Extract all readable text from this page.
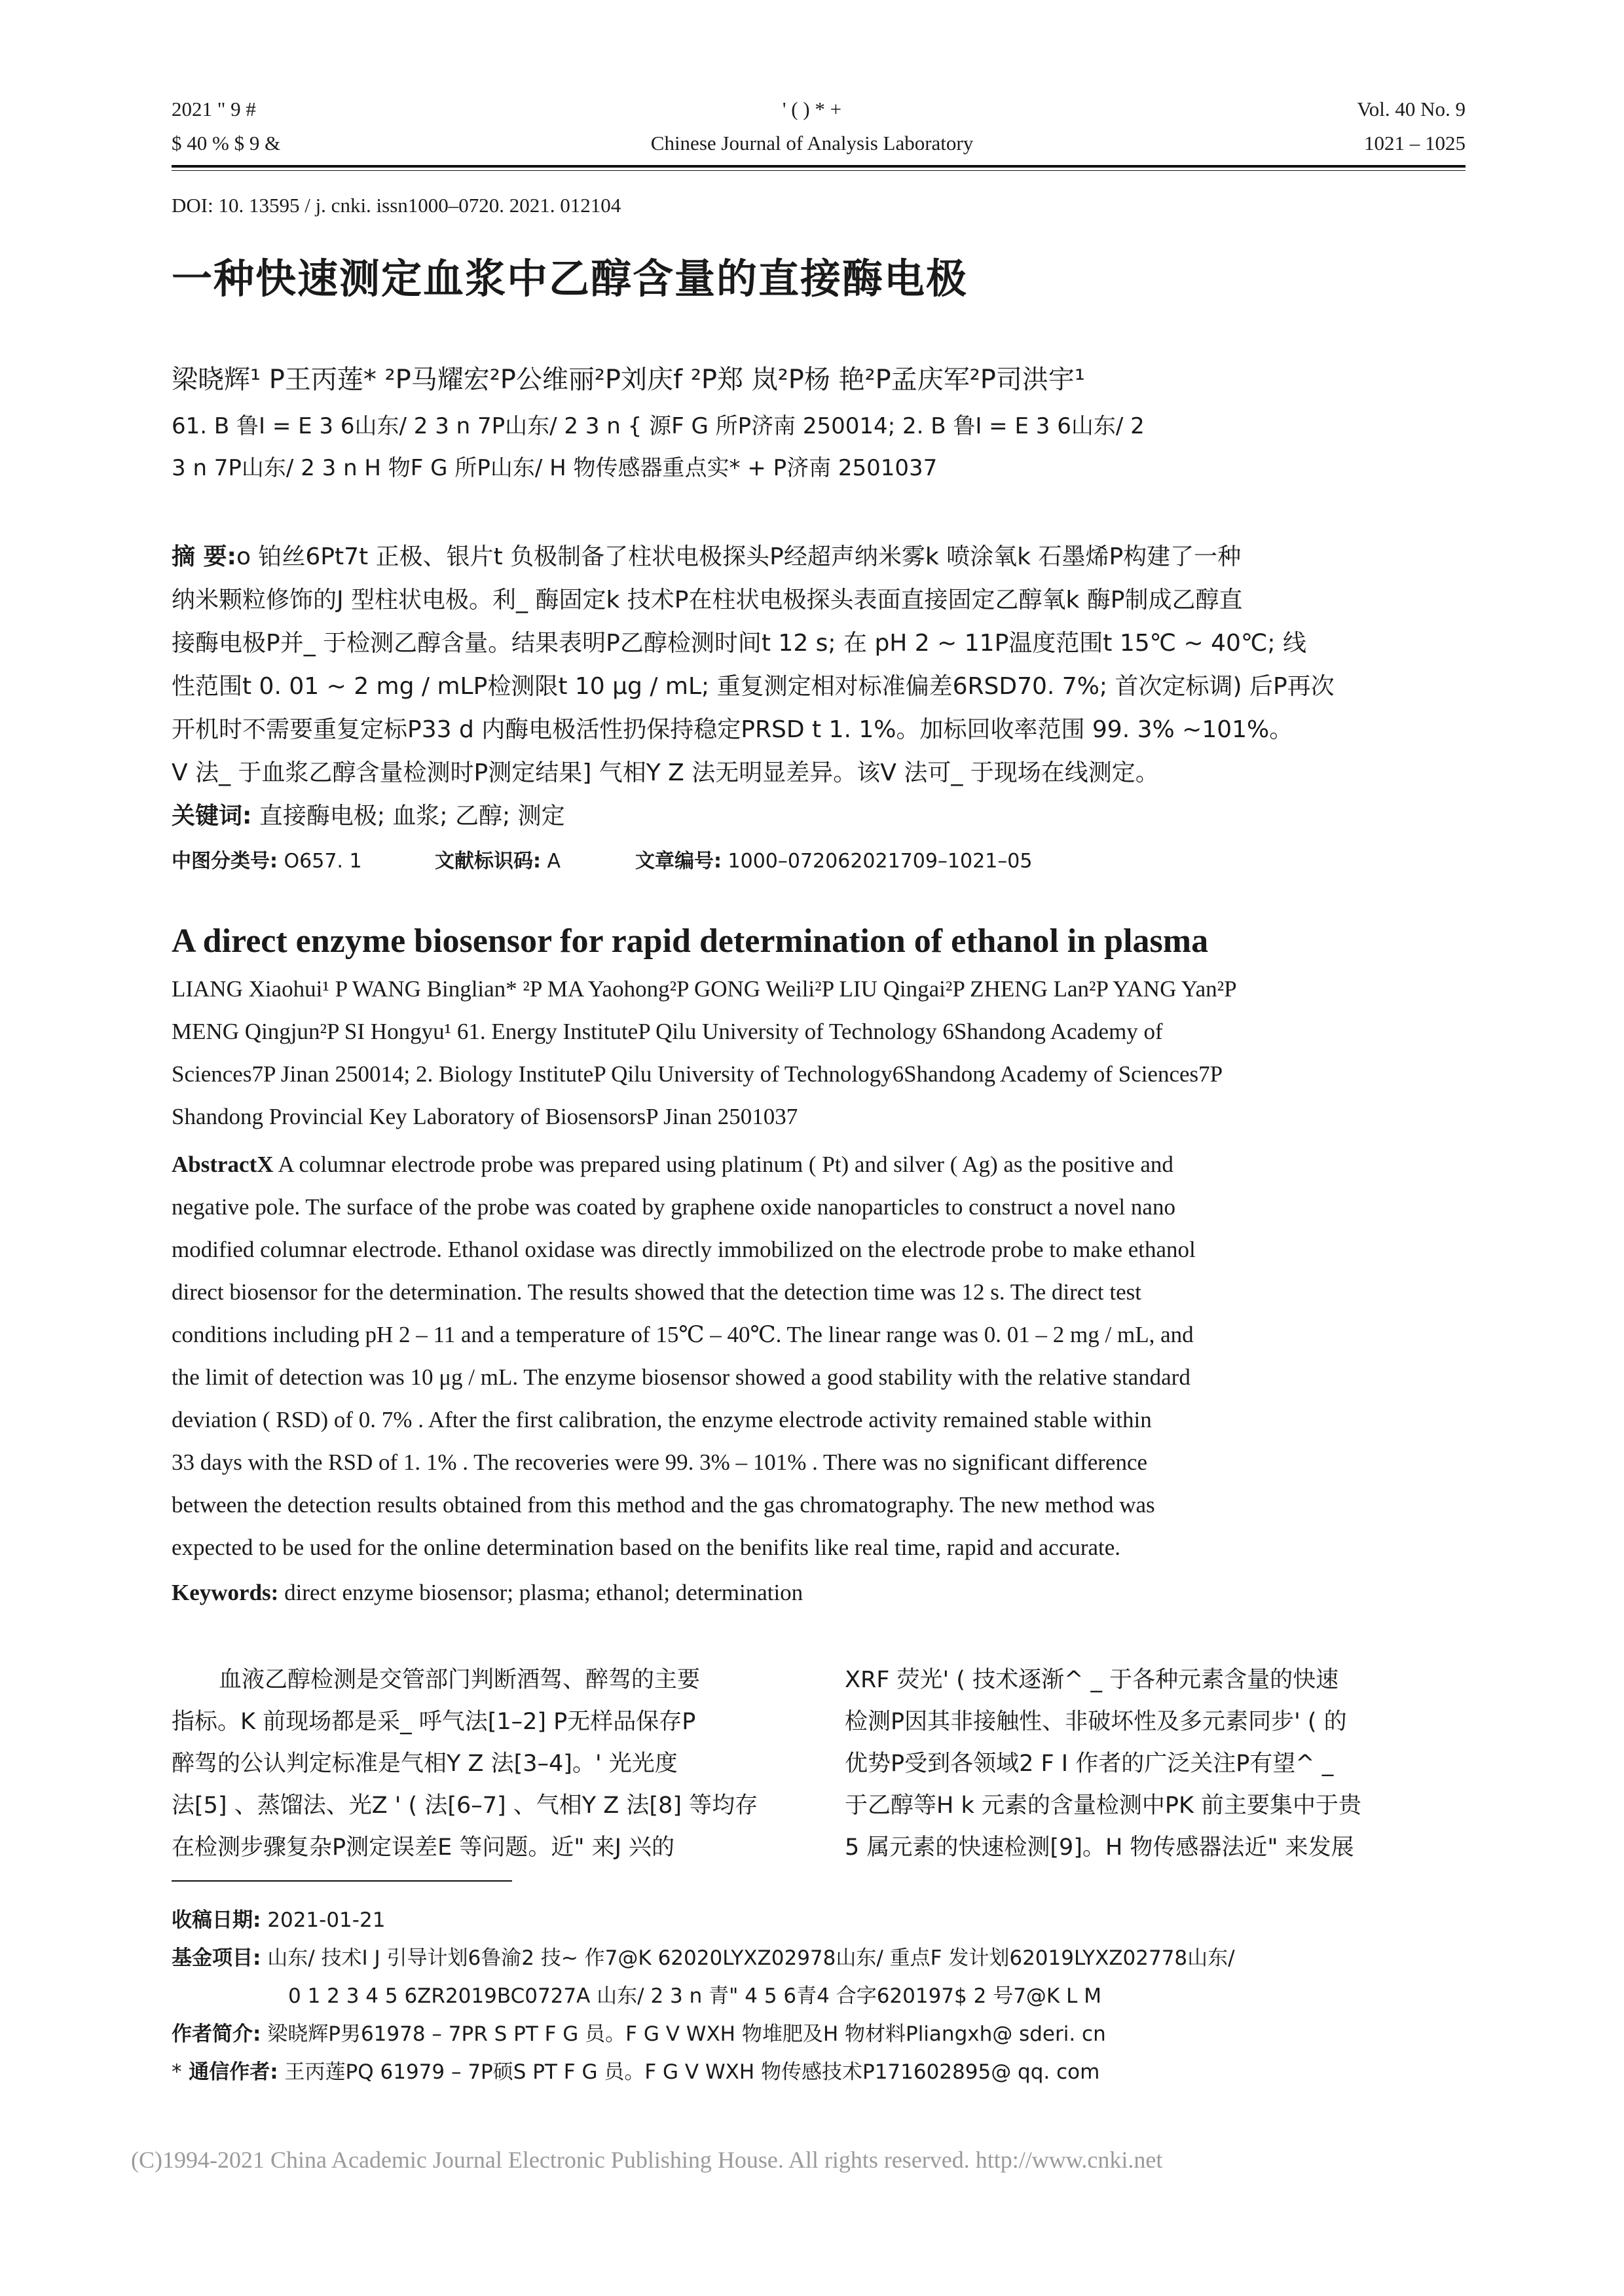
2021 " 9 #
$ 40 % $ 9 &
' ( ) * +
Chinese Journal of Analysis Laboratory
Vol. 40 No. 9
1021 – 1025
DOI: 10. 13595 / j. cnki. issn1000–0720. 2021. 012104
一种快速测定血浆中乙醇含量的直接酶电极
梁晓辉¹ P王丙莲* ²P马耀宏²P公维丽²P刘庆f ²P郑 岚²P杨 艳²P孟庆军²P司洪宇¹
61. B 鲁I = E 3 6山东/ 2 3 n 7P山东/ 2 3 n { 源F G 所P济南 250014; 2. B 鲁I = E 3 6山东/ 2
3 n 7P山东/ 2 3 n H 物F G 所P山东/ H 物传感器重点实* + P济南 2501037
摘 要:o 铂丝6Pt7t 正极、银片t 负极制备了柱状电极探头P经超声纳米雾k 喷涂氧k 石墨烯P构建了一种
纳米颗粒修饰的J 型柱状电极。利_ 酶固定k 技术P在柱状电极探头表面直接固定乙醇氧k 酶P制成乙醇直
接酶电极P并_ 于检测乙醇含量。结果表明P乙醇检测时间t 12 s; 在 pH 2 ~ 11P温度范围t 15℃ ~ 40℃; 线
性范围t 0. 01 ~ 2 mg / mLP检测限t 10 μg / mL; 重复测定相对标准偏差6RSD70. 7%; 首次定标调) 后P再次
开机时不需要重复定标P33 d 内酶电极活性扔保持稳定PRSD t 1. 1%。加标回收率范围 99. 3% ~101%。
V 法_ 于血浆乙醇含量检测时P测定结果] 气相Y Z 法无明显差异。该V 法可_ 于现场在线测定。
关键词: 直接酶电极; 血浆; 乙醇; 测定
中图分类号: O657. 1	文献标识码: A	文章编号: 1000–072062021709–1021–05
A direct enzyme biosensor for rapid determination of ethanol in plasma
LIANG Xiaohui¹ P WANG Binglian* ²P MA Yaohong²P GONG Weili²P LIU Qingai²P ZHENG Lan²P YANG Yan²P
MENG Qingjun²P SI Hongyu¹ 61. Energy InstituteP Qilu University of Technology 6Shandong Academy of
Sciences7P Jinan 250014; 2. Biology InstituteP Qilu University of Technology6Shandong Academy of Sciences7P
Shandong Provincial Key Laboratory of BiosensorsP Jinan 2501037
AbstractX A columnar electrode probe was prepared using platinum ( Pt) and silver ( Ag) as the positive and
negative pole. The surface of the probe was coated by graphene oxide nanoparticles to construct a novel nano
modified columnar electrode. Ethanol oxidase was directly immobilized on the electrode probe to make ethanol
direct biosensor for the determination. The results showed that the detection time was 12 s. The direct test
conditions including pH 2 – 11 and a temperature of 15℃ – 40℃. The linear range was 0. 01 – 2 mg / mL, and
the limit of detection was 10 μg / mL. The enzyme biosensor showed a good stability with the relative standard
deviation ( RSD) of 0. 7% . After the first calibration, the enzyme electrode activity remained stable within
33 days with the RSD of 1. 1% . The recoveries were 99. 3% – 101% . There was no significant difference
between the detection results obtained from this method and the gas chromatography. The new method was
expected to be used for the online determination based on the benifits like real time, rapid and accurate.
Keywords: direct enzyme biosensor; plasma; ethanol; determination
血液乙醇检测是交管部门判断酒驾、醉驾的主要
指标。K 前现场都是采_ 呼气法[1–2] P无样品保存P
醉驾的公认判定标准是气相Y Z 法[3–4]。' 光光度
法[5] 、蒸馏法、光Z ' ( 法[6–7] 、气相Y Z 法[8] 等均存
在检测步骤复杂P测定误差E 等问题。近" 来J 兴的
XRF 荧光' ( 技术逐渐^ _ 于各种元素含量的快速
检测P因其非接触性、非破坏性及多元素同步' ( 的
优势P受到各领域2 F I 作者的广泛关注P有望^ _
于乙醇等H k 元素的含量检测中PK 前主要集中于贵
5 属元素的快速检测[9]。H 物传感器法近" 来发展
收稿日期: 2021-01-21
基金项目: 山东/ 技术I J 引导计划6鲁渝2 技~ 作7@K 62020LYXZ02978山东/ 重点F 发计划62019LYXZ02778山东/
0 1 2 3 4 5 6ZR2019BC0727A 山东/ 2 3 n 青" 4 5 6青4 合字620197$ 2 号7@K L M
作者简介: 梁晓辉P男61978 – 7PR S PT F G 员。F G V WXH 物堆肥及H 物材料Pliangxh@ sderi. cn
* 通信作者: 王丙莲PQ 61979 – 7P硕S PT F G 员。F G V WXH 物传感技术P171602895@ qq. com
(C)1994-2021 China Academic Journal Electronic Publishing House. All rights reserved. http://www.cnki.net
